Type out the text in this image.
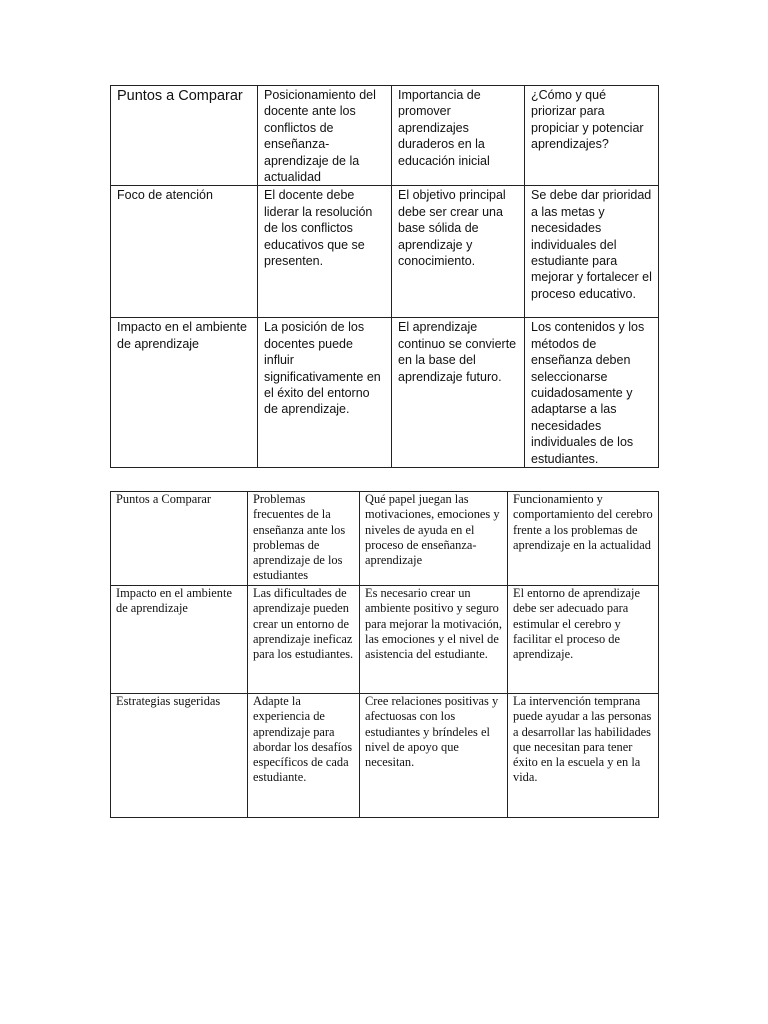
Puntos a Comparar	Posicionamiento del docente ante los conflictos de enseñanza-aprendizaje de la actualidad	Importancia de promover aprendizajes duraderos en la educación inicial	¿Cómo y qué priorizar para propiciar y potenciar aprendizajes?
Foco de atención	El docente debe liderar la resolución de los conflictos educativos que se presenten.	El objetivo principal debe ser crear una base sólida de aprendizaje y conocimiento.	Se debe dar prioridad a las metas y necesidades individuales del estudiante para mejorar y fortalecer el proceso educativo.
Impacto en el ambiente de aprendizaje	La posición de los docentes puede influir significativamente en el éxito del entorno de aprendizaje.	El aprendizaje continuo se convierte en la base del aprendizaje futuro.	Los contenidos y los métodos de enseñanza deben seleccionarse cuidadosamente y adaptarse a las necesidades individuales de los estudiantes.
Puntos a Comparar	Problemas frecuentes de la enseñanza ante los problemas de aprendizaje de los estudiantes	Qué papel juegan las motivaciones, emociones y niveles de ayuda en el proceso de enseñanza-aprendizaje	Funcionamiento y comportamiento del cerebro frente a los problemas de aprendizaje en la actualidad
Impacto en el ambiente de aprendizaje	Las dificultades de aprendizaje pueden crear un entorno de aprendizaje ineficaz para los estudiantes.	Es necesario crear un ambiente positivo y seguro para mejorar la motivación, las emociones y el nivel de asistencia del estudiante.	El entorno de aprendizaje debe ser adecuado para estimular el cerebro y facilitar el proceso de aprendizaje.
Estrategias sugeridas	Adapte la experiencia de aprendizaje para abordar los desafíos específicos de cada estudiante.	Cree relaciones positivas y afectuosas con los estudiantes y bríndeles el nivel de apoyo que necesitan.	La intervención temprana puede ayudar a las personas a desarrollar las habilidades que necesitan para tener éxito en la escuela y en la vida.
